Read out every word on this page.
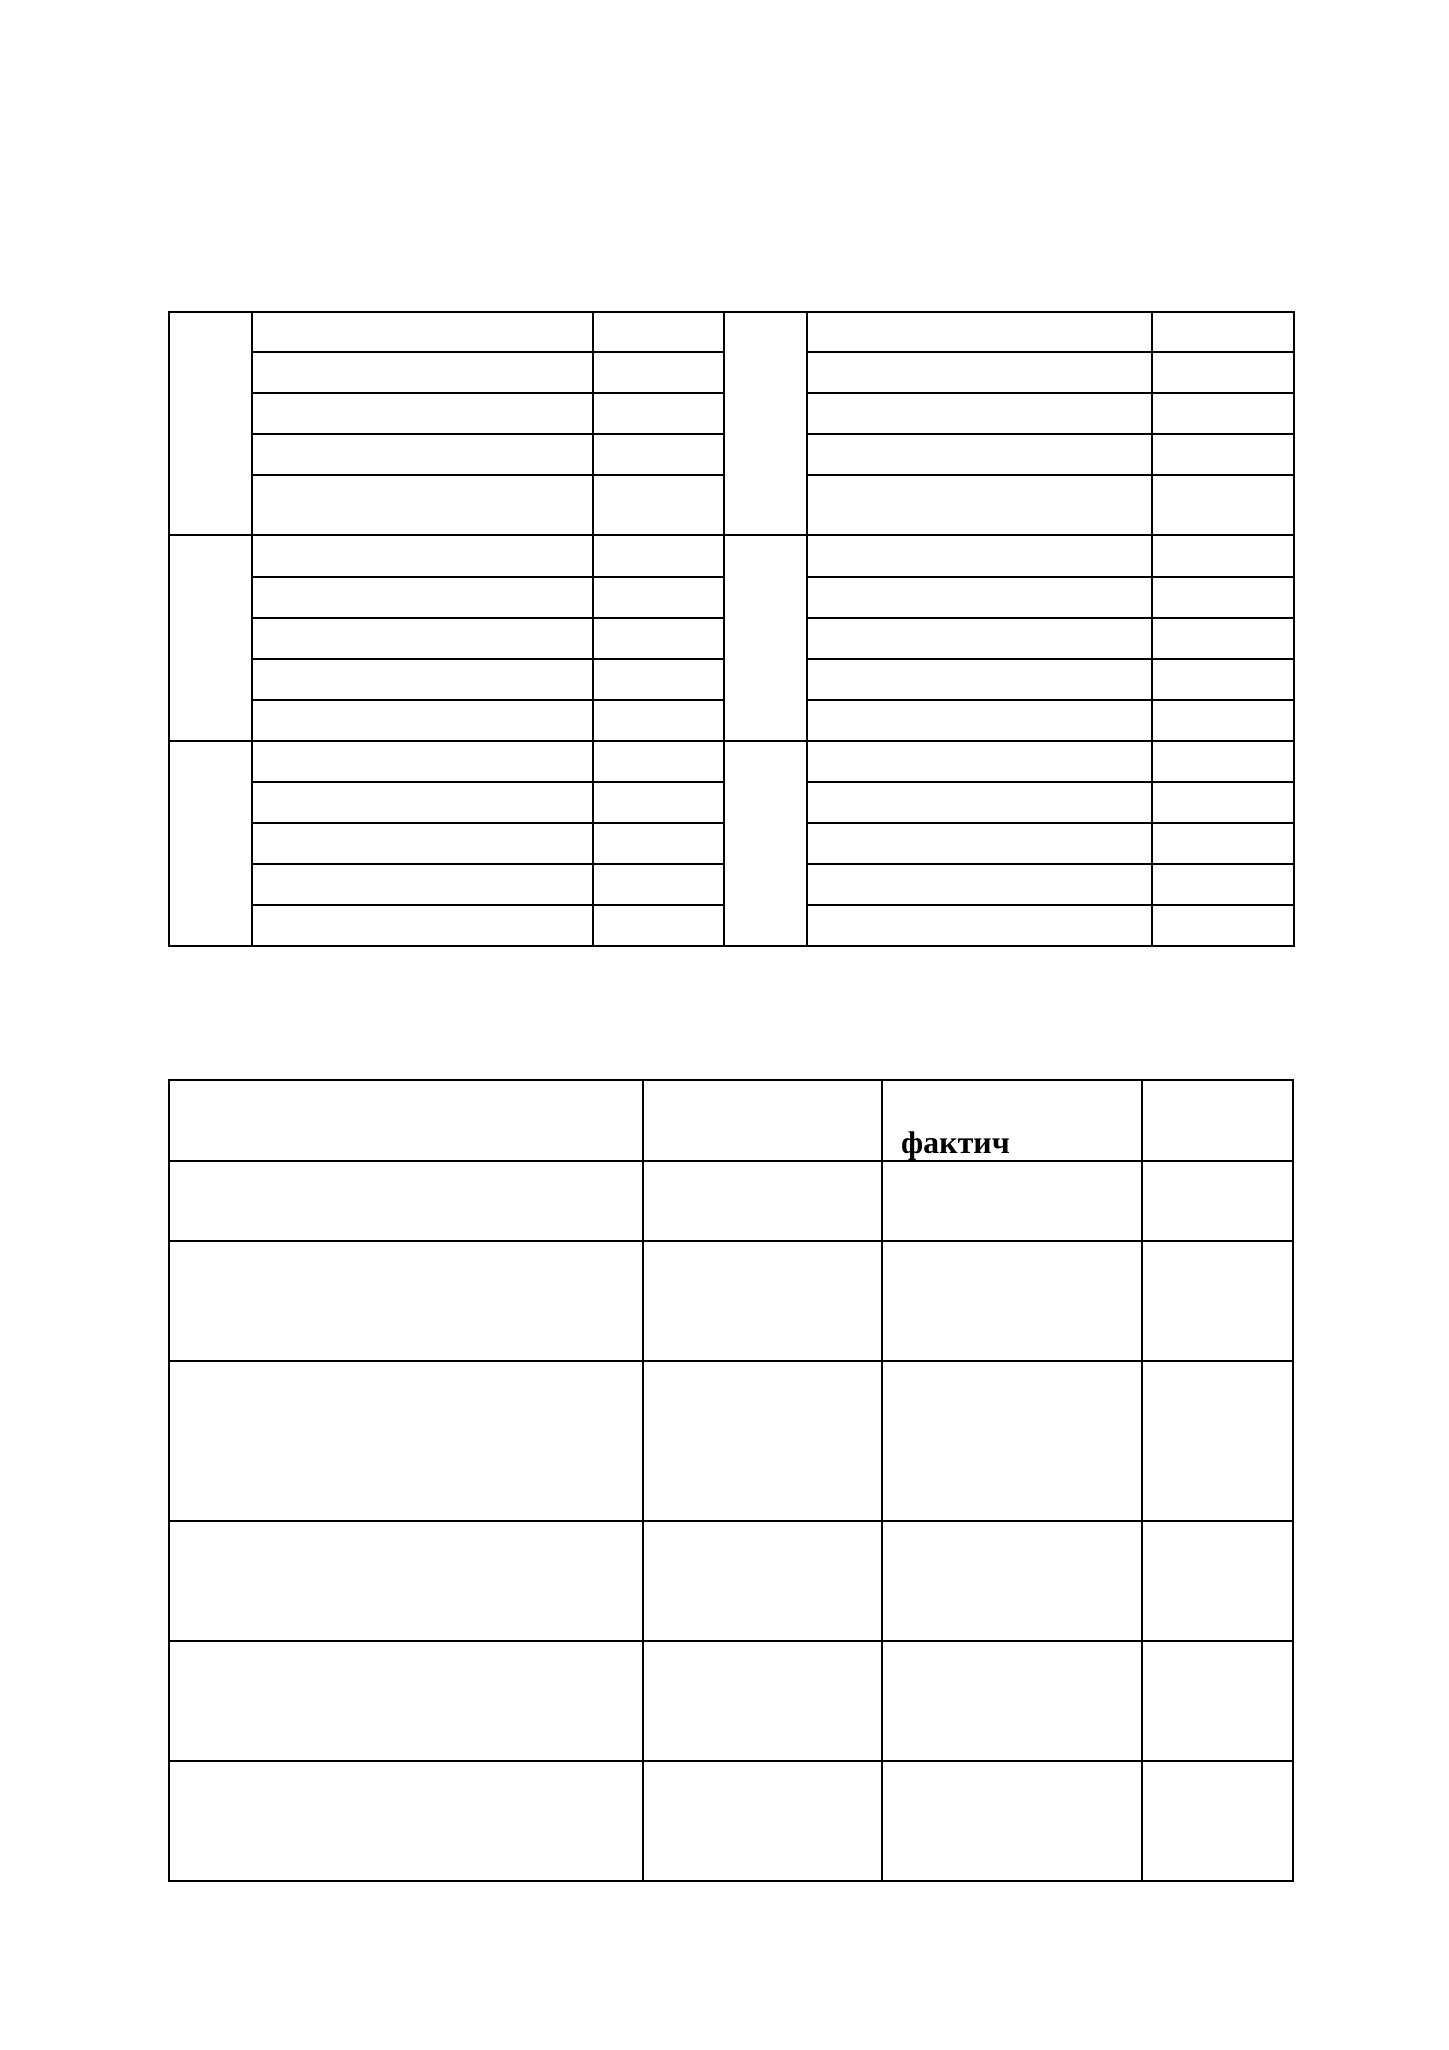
		фактич	
